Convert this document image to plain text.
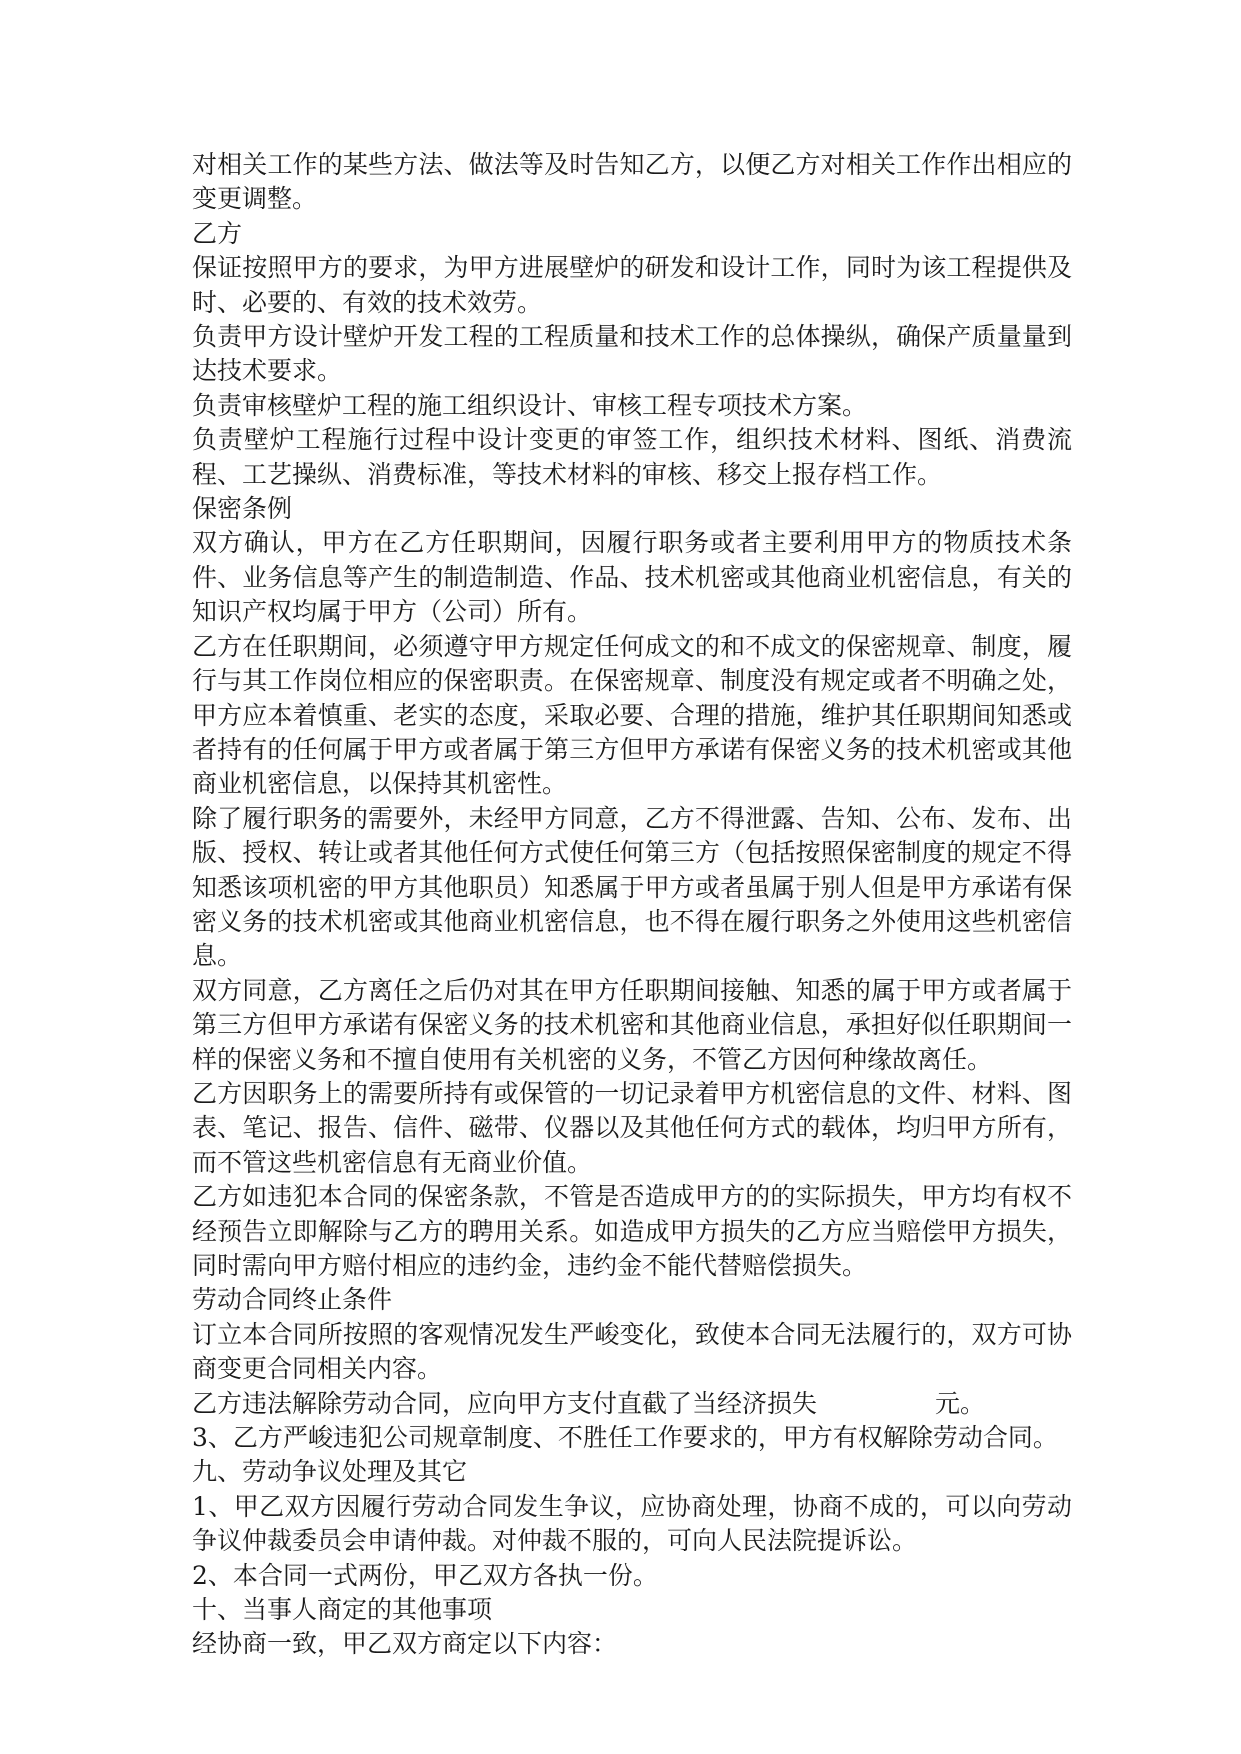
对相关工作的某些方法、做法等及时告知乙方，以便乙方对相关工作作出相应的变更调整。

乙方

保证按照甲方的要求，为甲方进展壁炉的研发和设计工作，同时为该工程提供及时、必要的、有效的技术效劳。

负责甲方设计壁炉开发工程的工程质量和技术工作的总体操纵，确保产质量量到达技术要求。

负责审核壁炉工程的施工组织设计、审核工程专项技术方案。

负责壁炉工程施行过程中设计变更的审签工作，组织技术材料、图纸、消费流程、工艺操纵、消费标准，等技术材料的审核、移交上报存档工作。

保密条例

双方确认，甲方在乙方任职期间，因履行职务或者主要利用甲方的物质技术条件、业务信息等产生的制造制造、作品、技术机密或其他商业机密信息，有关的知识产权均属于甲方（公司）所有。

乙方在任职期间，必须遵守甲方规定任何成文的和不成文的保密规章、制度，履行与其工作岗位相应的保密职责。在保密规章、制度没有规定或者不明确之处，甲方应本着慎重、老实的态度，采取必要、合理的措施，维护其任职期间知悉或者持有的任何属于甲方或者属于第三方但甲方承诺有保密义务的技术机密或其他商业机密信息，以保持其机密性。

除了履行职务的需要外，未经甲方同意，乙方不得泄露、告知、公布、发布、出版、授权、转让或者其他任何方式使任何第三方（包括按照保密制度的规定不得知悉该项机密的甲方其他职员）知悉属于甲方或者虽属于别人但是甲方承诺有保密义务的技术机密或其他商业机密信息，也不得在履行职务之外使用这些机密信息。

双方同意，乙方离任之后仍对其在甲方任职期间接触、知悉的属于甲方或者属于第三方但甲方承诺有保密义务的技术机密和其他商业信息，承担好似任职期间一样的保密义务和不擅自使用有关机密的义务，不管乙方因何种缘故离任。

乙方因职务上的需要所持有或保管的一切记录着甲方机密信息的文件、材料、图表、笔记、报告、信件、磁带、仪器以及其他任何方式的载体，均归甲方所有，而不管这些机密信息有无商业价值。

乙方如违犯本合同的保密条款，不管是否造成甲方的的实际损失，甲方均有权不经预告立即解除与乙方的聘用关系。如造成甲方损失的乙方应当赔偿甲方损失，同时需向甲方赔付相应的违约金，违约金不能代替赔偿损失。

劳动合同终止条件

订立本合同所按照的客观情况发生严峻变化，致使本合同无法履行的，双方可协商变更合同相关内容。

乙方违法解除劳动合同，应向甲方支付直截了当经济损失	元。

3、乙方严峻违犯公司规章制度、不胜任工作要求的，甲方有权解除劳动合同。

九、劳动争议处理及其它

1、甲乙双方因履行劳动合同发生争议，应协商处理，协商不成的，可以向劳动争议仲裁委员会申请仲裁。对仲裁不服的，可向人民法院提诉讼。

2、本合同一式两份，甲乙双方各执一份。

十、当事人商定的其他事项

经协商一致，甲乙双方商定以下内容：
